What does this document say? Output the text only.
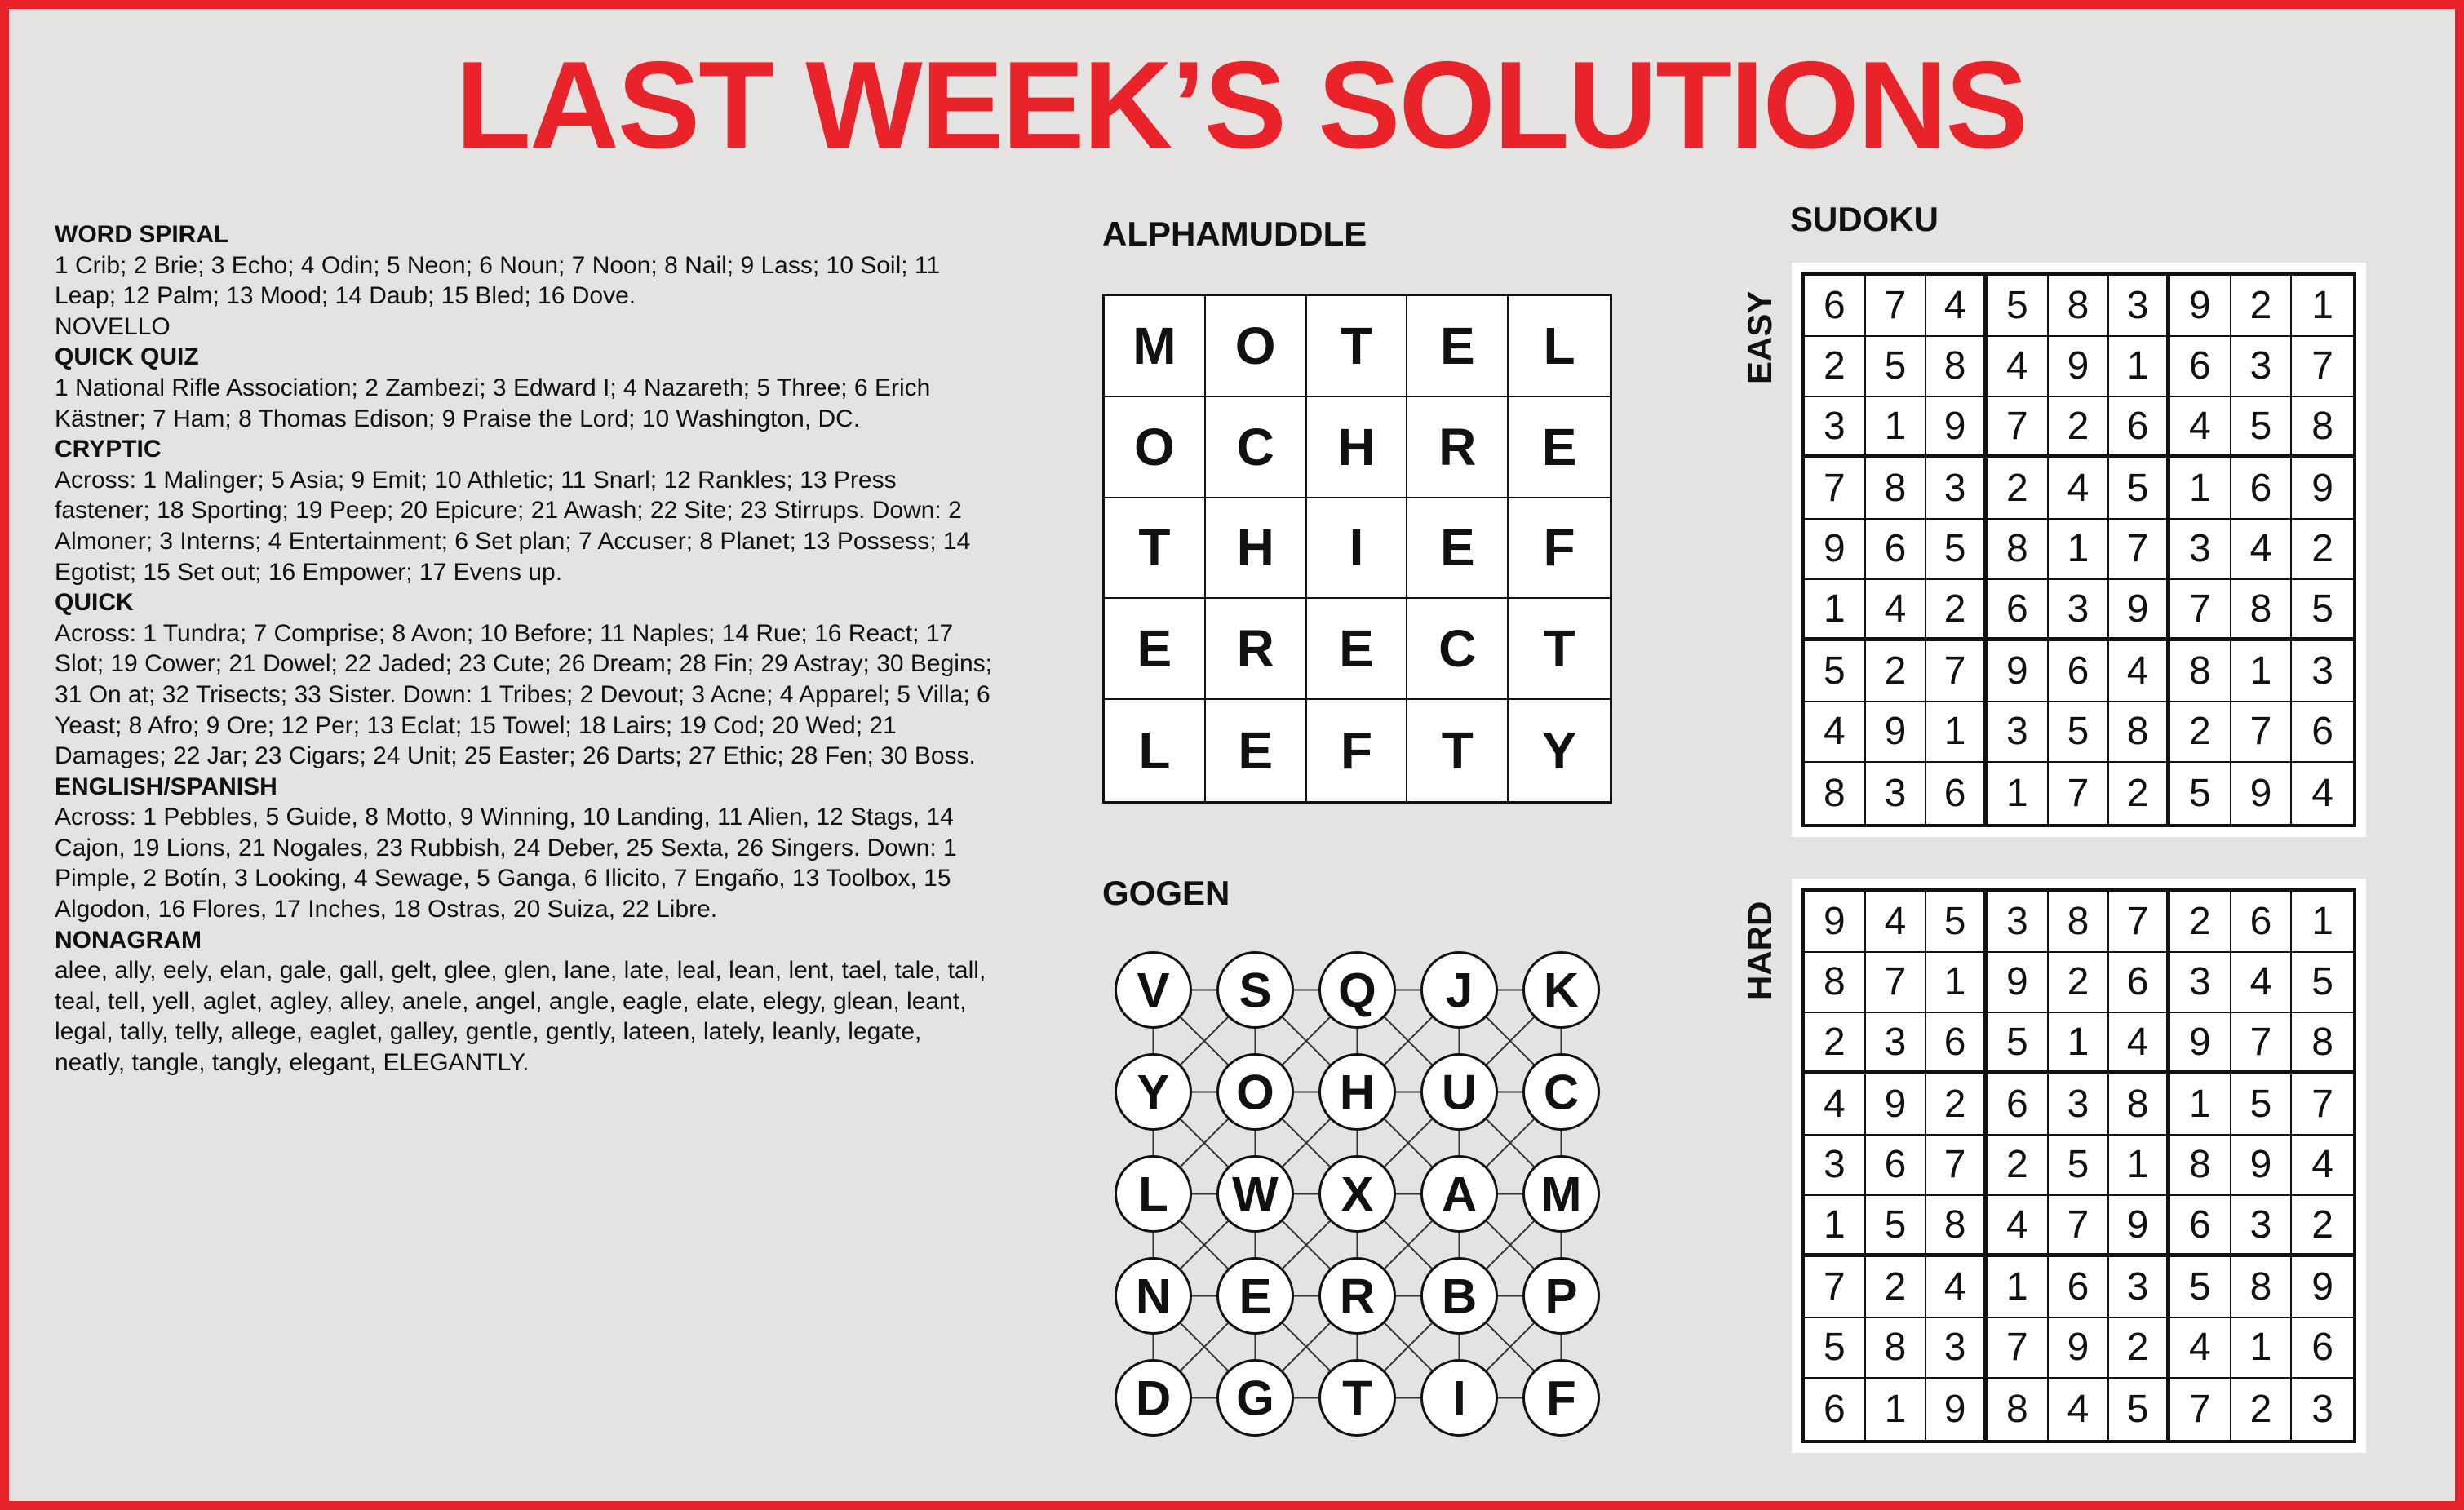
LAST WEEK’S SOLUTIONS
WORD SPIRAL
1 Crib; 2 Brie; 3 Echo; 4 Odin; 5 Neon; 6 Noun; 7 Noon; 8 Nail; 9 Lass; 10 Soil; 11 Leap; 12 Palm; 13 Mood; 14 Daub; 15 Bled; 16 Dove.
NOVELLO
QUICK QUIZ
1 National Rifle Association; 2 Zambezi; 3 Edward I; 4 Nazareth; 5 Three; 6 Erich Kästner; 7 Ham; 8 Thomas Edison; 9 Praise the Lord; 10 Washington, DC.
CRYPTIC
Across: 1 Malinger; 5 Asia; 9 Emit; 10 Athletic; 11 Snarl; 12 Rankles; 13 Press fastener; 18 Sporting; 19 Peep; 20 Epicure; 21 Awash; 22 Site; 23 Stirrups. Down: 2 Almoner; 3 Interns; 4 Entertainment; 6 Set plan; 7 Accuser; 8 Planet; 13 Possess; 14 Egotist; 15 Set out; 16 Empower; 17 Evens up.
QUICK
Across: 1 Tundra; 7 Comprise; 8 Avon; 10 Before; 11 Naples; 14 Rue; 16 React; 17 Slot; 19 Cower; 21 Dowel; 22 Jaded; 23 Cute; 26 Dream; 28 Fin; 29 Astray; 30 Begins; 31 On at; 32 Trisects; 33 Sister. Down: 1 Tribes; 2 Devout; 3 Acne; 4 Apparel; 5 Villa; 6 Yeast; 8 Afro; 9 Ore; 12 Per; 13 Eclat; 15 Towel; 18 Lairs; 19 Cod; 20 Wed; 21 Damages; 22 Jar; 23 Cigars; 24 Unit; 25 Easter; 26 Darts; 27 Ethic; 28 Fen; 30 Boss.
ENGLISH/SPANISH
Across: 1 Pebbles, 5 Guide, 8 Motto, 9 Winning, 10 Landing, 11 Alien, 12 Stags, 14 Cajon, 19 Lions, 21 Nogales, 23 Rubbish, 24 Deber, 25 Sexta, 26 Singers. Down: 1 Pimple, 2 Botín, 3 Looking, 4 Sewage, 5 Ganga, 6 Ilicito, 7 Engaño, 13 Toolbox, 15 Algodon, 16 Flores, 17 Inches, 18 Ostras, 20 Suiza, 22 Libre.
NONAGRAM
alee, ally, eely, elan, gale, gall, gelt, glee, glen, lane, late, leal, lean, lent, tael, tale, tall, teal, tell, yell, aglet, agley, alley, anele, angel, angle, eagle, elate, elegy, glean, leant, legal, tally, telly, allege, eaglet, galley, gentle, gently, lateen, lately, leanly, legate, neatly, tangle, tangly, elegant, ELEGANTLY.
ALPHAMUDDLE
M	O	T	E	L
O	C	H	R	E
T	H	I	E	F
E	R	E	C	T
L	E	F	T	Y
GOGEN
V S Q J K
Y O H U C
L W X A M
N E R B P
D G T I F
SUDOKU
EASY	6 7 4	5 8 3	9 2	1
2 5 8	4 9 1	6 3	7
3 1 9	7 2 6	4 5	8
7 8 3	2 4 5	1 6	9
9 6 5	8 1 7	3 4	2
1 4 2	6 3 9	7 8	5
5 2 7	9 6 4	8 1	3
4 9 1	3 5 8	2 7	6
8 3 6	1 7 2	5 9	4
HARD	9 4 5	3 8 7	2 6	1
8 7 1	9 2 6	3 4	5
2 3 6	5 1 4	9 7	8
4 9 2	6 3 8	1 5	7
3 6 7	2 5 1	8 9	4
1 5 8	4 7 9	6 3	2
7 2 4	1 6 3	5 8	9
5 8 3	7 9 2	4 1	6
6 1 9	8 4 5	7 2	3
